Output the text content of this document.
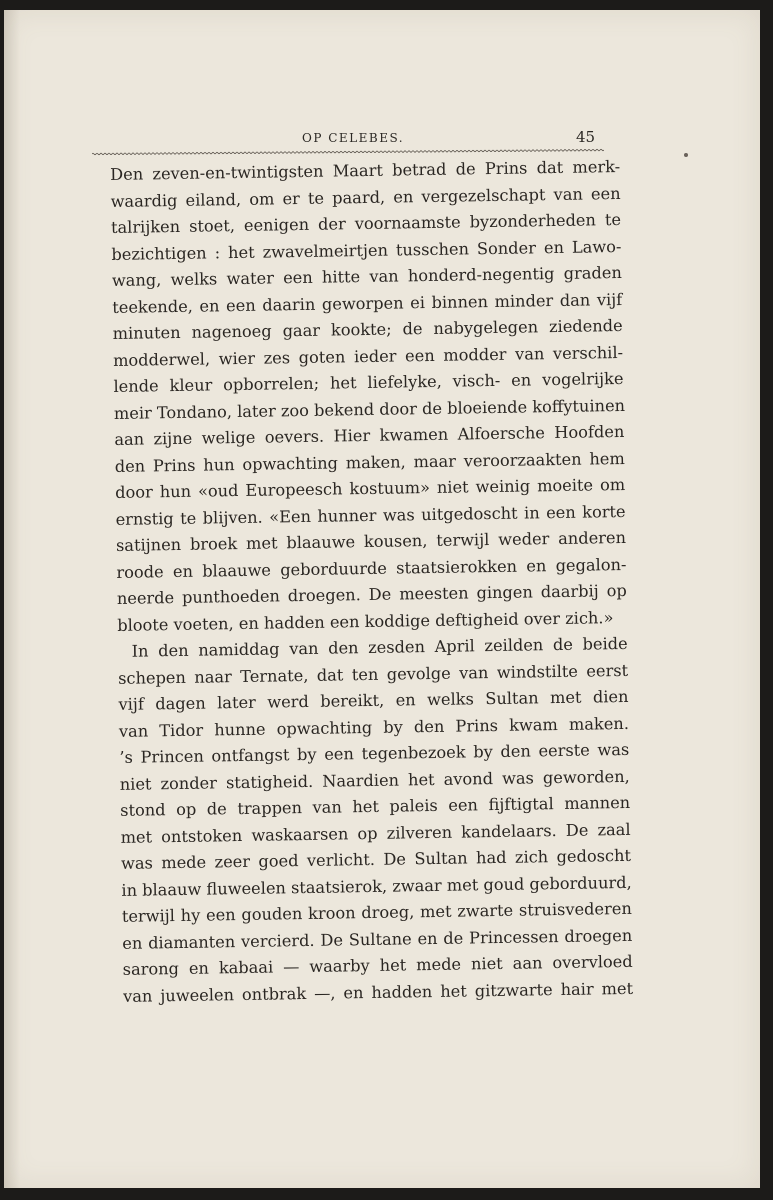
OP CELEBES.	45
Den zeven-en-twintigsten Maart betrad de Prins dat merk-
waardig eiland, om er te paard, en vergezelschapt van een
talrijken stoet, eenigen der voornaamste byzonderheden te
bezichtigen : het zwavelmeirtjen tusschen Sonder en Lawo-
wang, welks water een hitte van honderd-negentig graden
teekende, en een daarin geworpen ei binnen minder dan vijf
minuten nagenoeg gaar kookte; de nabygelegen ziedende
modderwel, wier zes goten ieder een modder van verschil-
lende kleur opborrelen; het liefelyke, visch- en vogelrijke
meir Tondano, later zoo bekend door de bloeiende koffytuinen
aan zijne welige oevers. Hier kwamen Alfoersche Hoofden
den Prins hun opwachting maken, maar veroorzaakten hem
door hun «oud Europeesch kostuum» niet weinig moeite om
ernstig te blijven. «Een hunner was uitgedoscht in een korte
satijnen broek met blaauwe kousen, terwijl weder anderen
roode en blaauwe geborduurde staatsierokken en gegalon-
neerde punthoeden droegen. De meesten gingen daarbij op
bloote voeten, en hadden een koddige deftigheid over zich.»
In den namiddag van den zesden April zeilden de beide
schepen naar Ternate, dat ten gevolge van windstilte eerst
vijf dagen later werd bereikt, en welks Sultan met dien
van Tidor hunne opwachting by den Prins kwam maken.
’s Princen ontfangst by een tegenbezoek by den eerste was
niet zonder statigheid. Naardien het avond was geworden,
stond op de trappen van het paleis een fijftigtal mannen
met ontstoken waskaarsen op zilveren kandelaars. De zaal
was mede zeer goed verlicht. De Sultan had zich gedoscht
in blaauw fluweelen staatsierok, zwaar met goud geborduurd,
terwijl hy een gouden kroon droeg, met zwarte struisvederen
en diamanten vercierd. De Sultane en de Princessen droegen
sarong en kabaai — waarby het mede niet aan overvloed
van juweelen ontbrak —, en hadden het gitzwarte hair met
